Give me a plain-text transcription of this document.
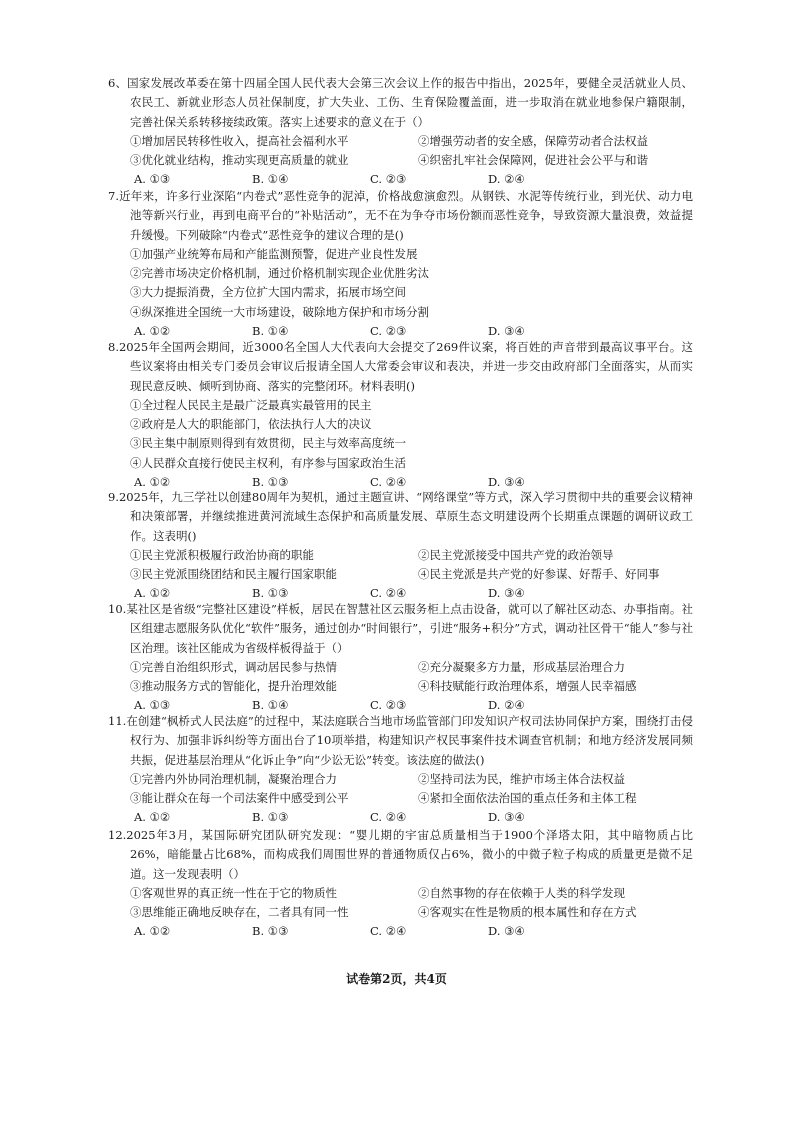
6、国家发展改革委在第十四届全国人民代表大会第三次会议上作的报告中指出，2025年，要健全灵活就业人员、农民工、新就业形态人员社保制度，扩大失业、工伤、生育保险覆盖面，进一步取消在就业地参保户籍限制，完善社保关系转移接续政策。落实上述要求的意义在于（）

①增加居民转移性收入，提高社会福利水平	②增强劳动者的安全感，保障劳动者合法权益

③优化就业结构，推动实现更高质量的就业	④织密扎牢社会保障网，促进社会公平与和谐

A. ①③	B. ①④	C. ②③	D. ②④

7.近年来，许多行业深陷“内卷式”恶性竞争的泥淖，价格战愈演愈烈。从钢铁、水泥等传统行业，到光伏、动力电池等新兴行业，再到电商平台的“补贴活动”，无不在为争夺市场份额而恶性竞争，导致资源大量浪费，效益提升缓慢。下列破除“内卷式”恶性竞争的建议合理的是()

①加强产业统筹布局和产能监测预警，促进产业良性发展

②完善市场决定价格机制，通过价格机制实现企业优胜劣汰

③大力提振消费，全方位扩大国内需求，拓展市场空间

④纵深推进全国统一大市场建设，破除地方保护和市场分割

A. ①②	B. ①④	C. ②③	D. ③④

8.2025年全国两会期间，近3000名全国人大代表向大会提交了269件议案，将百姓的声音带到最高议事平台。这些议案将由相关专门委员会审议后报请全国人大常委会审议和表决，并进一步交由政府部门全面落实，从而实现民意反映、倾听到协商、落实的完整闭环。材料表明()

①全过程人民民主是最广泛最真实最管用的民主

②政府是人大的职能部门，依法执行人大的决议

③民主集中制原则得到有效贯彻，民主与效率高度统一

④人民群众直接行使民主权利，有序参与国家政治生活

A. ①②	B. ①③	C. ②④	D. ③④

9.2025年，九三学社以创建80周年为契机，通过主题宣讲、“网络课堂”等方式，深入学习贯彻中共的重要会议精神和决策部署，并继续推进黄河流域生态保护和高质量发展、草原生态文明建设两个长期重点课题的调研议政工作。这表明()

①民主党派积极履行政治协商的职能	②民主党派接受中国共产党的政治领导

③民主党派围绕团结和民主履行国家职能	④民主党派是共产党的好参谋、好帮手、好同事

A. ①②	B. ①③	C. ②④	D. ③④

10.某社区是省级“完整社区建设”样板，居民在智慧社区云服务柜上点击设备，就可以了解社区动态、办事指南。社区组建志愿服务队优化“软件”服务，通过创办“时间银行”，引进“服务+积分”方式，调动社区骨干“能人”参与社区治理。该社区能成为省级样板得益于（）

①完善自治组织形式，调动居民参与热情	②充分凝聚多方力量，形成基层治理合力

③推动服务方式的智能化，提升治理效能	④科技赋能行政治理体系，增强人民幸福感

A. ①③	B. ①④	C. ②③	D. ②④

11.在创建“枫桥式人民法庭”的过程中，某法庭联合当地市场监管部门印发知识产权司法协同保护方案，围绕打击侵权行为、加强非诉纠纷等方面出台了10项举措，构建知识产权民事案件技术调查官机制；和地方经济发展同频共振，促进基层治理从“化诉止争”向“少讼无讼”转变。该法庭的做法()

①完善内外协同治理机制，凝聚治理合力	②坚持司法为民，维护市场主体合法权益

③能让群众在每一个司法案件中感受到公平	④紧扣全面依法治国的重点任务和主体工程

A. ①②	B. ①③	C. ②④	D. ③④

12.2025年3月，某国际研究团队研究发现：“婴儿期的宇宙总质量相当于1900个泽塔太阳，其中暗物质占比26%，暗能量占比68%，而构成我们周围世界的普通物质仅占6%，微小的中微子粒子构成的质量更是微不足道。这一发现表明（）

①客观世界的真正统一性在于它的物质性	②自然事物的存在依赖于人类的科学发现

③思维能正确地反映存在，二者具有同一性	④客观实在性是物质的根本属性和存在方式

A. ①②	B. ①③	C. ②④	D. ③④

试卷第2页，共4页
